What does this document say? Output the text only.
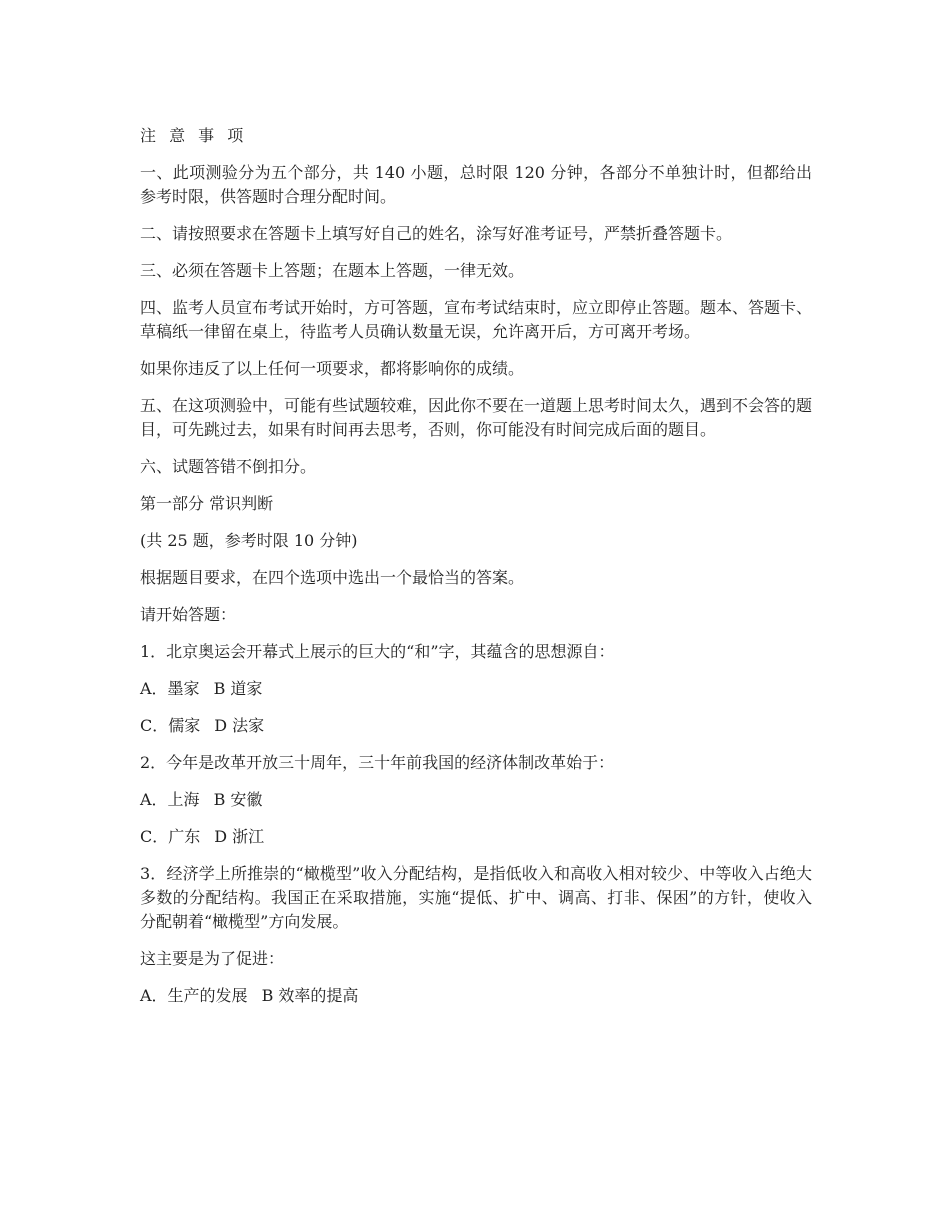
注 意 事 项

一、此项测验分为五个部分，共 140 小题，总时限 120 分钟，各部分不单独计时，但都给出参考时限，供答题时合理分配时间。

二、请按照要求在答题卡上填写好自己的姓名，涂写好准考证号，严禁折叠答题卡。

三、必须在答题卡上答题；在题本上答题，一律无效。

四、监考人员宣布考试开始时，方可答题，宣布考试结束时，应立即停止答题。题本、答题卡、草稿纸一律留在桌上，待监考人员确认数量无误，允许离开后，方可离开考场。

如果你违反了以上任何一项要求，都将影响你的成绩。

五、在这项测验中，可能有些试题较难，因此你不要在一道题上思考时间太久，遇到不会答的题目，可先跳过去，如果有时间再去思考，否则，你可能没有时间完成后面的题目。

六、试题答错不倒扣分。

第一部分 常识判断

(共 25 题，参考时限 10 分钟)

根据题目要求，在四个选项中选出一个最恰当的答案。

请开始答题：

1．北京奥运会开幕式上展示的巨大的“和”字，其蕴含的思想源自：

A．墨家 B 道家

C．儒家 D 法家

2．今年是改革开放三十周年，三十年前我国的经济体制改革始于：

A．上海 B 安徽

C．广东 D 浙江

3．经济学上所推崇的“橄榄型”收入分配结构，是指低收入和高收入相对较少、中等收入占绝大多数的分配结构。我国正在采取措施，实施“提低、扩中、调高、打非、保困”的方针，使收入分配朝着“橄榄型”方向发展。

这主要是为了促进：

A．生产的发展 B 效率的提高
